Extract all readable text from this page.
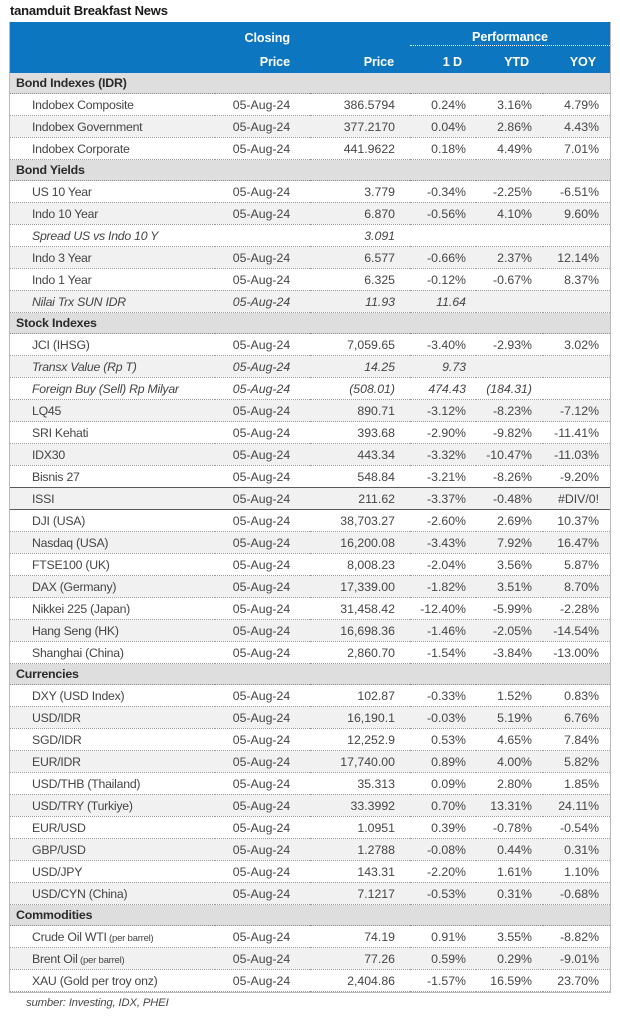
tanamduit Breakfast News
	Closing		Performance		
	Price	Price	1 D	YTD	YOY
Bond Indexes (IDR)					
Indobex Composite	05-Aug-24	386.5794	0.24%	3.16%	4.79%
Indobex Government	05-Aug-24	377.2170	0.04%	2.86%	4.43%
Indobex Corporate	05-Aug-24	441.9622	0.18%	4.49%	7.01%
Bond Yields					
US 10 Year	05-Aug-24	3.779	-0.34%	-2.25%	-6.51%
Indo 10 Year	05-Aug-24	6.870	-0.56%	4.10%	9.60%
Spread US vs Indo 10 Y		3.091			
Indo 3 Year	05-Aug-24	6.577	-0.66%	2.37%	12.14%
Indo 1 Year	05-Aug-24	6.325	-0.12%	-0.67%	8.37%
Nilai Trx SUN IDR	05-Aug-24	11.93	11.64		
Stock Indexes					
JCI (IHSG)	05-Aug-24	7,059.65	-3.40%	-2.93%	3.02%
Transx Value (Rp T)	05-Aug-24	14.25	9.73		
Foreign Buy (Sell) Rp Milyar	05-Aug-24	(508.01)	474.43	(184.31)	
LQ45	05-Aug-24	890.71	-3.12%	-8.23%	-7.12%
SRI Kehati	05-Aug-24	393.68	-2.90%	-9.82%	-11.41%
IDX30	05-Aug-24	443.34	-3.32%	-10.47%	-11.03%
Bisnis 27	05-Aug-24	548.84	-3.21%	-8.26%	-9.20%
ISSI	05-Aug-24	211.62	-3.37%	-0.48%	#DIV/0!
DJI (USA)	05-Aug-24	38,703.27	-2.60%	2.69%	10.37%
Nasdaq (USA)	05-Aug-24	16,200.08	-3.43%	7.92%	16.47%
FTSE100 (UK)	05-Aug-24	8,008.23	-2.04%	3.56%	5.87%
DAX (Germany)	05-Aug-24	17,339.00	-1.82%	3.51%	8.70%
Nikkei 225 (Japan)	05-Aug-24	31,458.42	-12.40%	-5.99%	-2.28%
Hang Seng (HK)	05-Aug-24	16,698.36	-1.46%	-2.05%	-14.54%
Shanghai (China)	05-Aug-24	2,860.70	-1.54%	-3.84%	-13.00%
Currencies					
DXY (USD Index)	05-Aug-24	102.87	-0.33%	1.52%	0.83%
USD/IDR	05-Aug-24	16,190.1	-0.03%	5.19%	6.76%
SGD/IDR	05-Aug-24	12,252.9	0.53%	4.65%	7.84%
EUR/IDR	05-Aug-24	17,740.00	0.89%	4.00%	5.82%
USD/THB (Thailand)	05-Aug-24	35.313	0.09%	2.80%	1.85%
USD/TRY (Turkiye)	05-Aug-24	33.3992	0.70%	13.31%	24.11%
EUR/USD	05-Aug-24	1.0951	0.39%	-0.78%	-0.54%
GBP/USD	05-Aug-24	1.2788	-0.08%	0.44%	0.31%
USD/JPY	05-Aug-24	143.31	-2.20%	1.61%	1.10%
USD/CYN (China)	05-Aug-24	7.1217	-0.53%	0.31%	-0.68%
Commodities					
Crude Oil WTI (per barrel)	05-Aug-24	74.19	0.91%	3.55%	-8.82%
Brent Oil (per barrel)	05-Aug-24	77.26	0.59%	0.29%	-9.01%
XAU (Gold per troy onz)	05-Aug-24	2,404.86	-1.57%	16.59%	23.70%
sumber: Investing, IDX, PHEI
